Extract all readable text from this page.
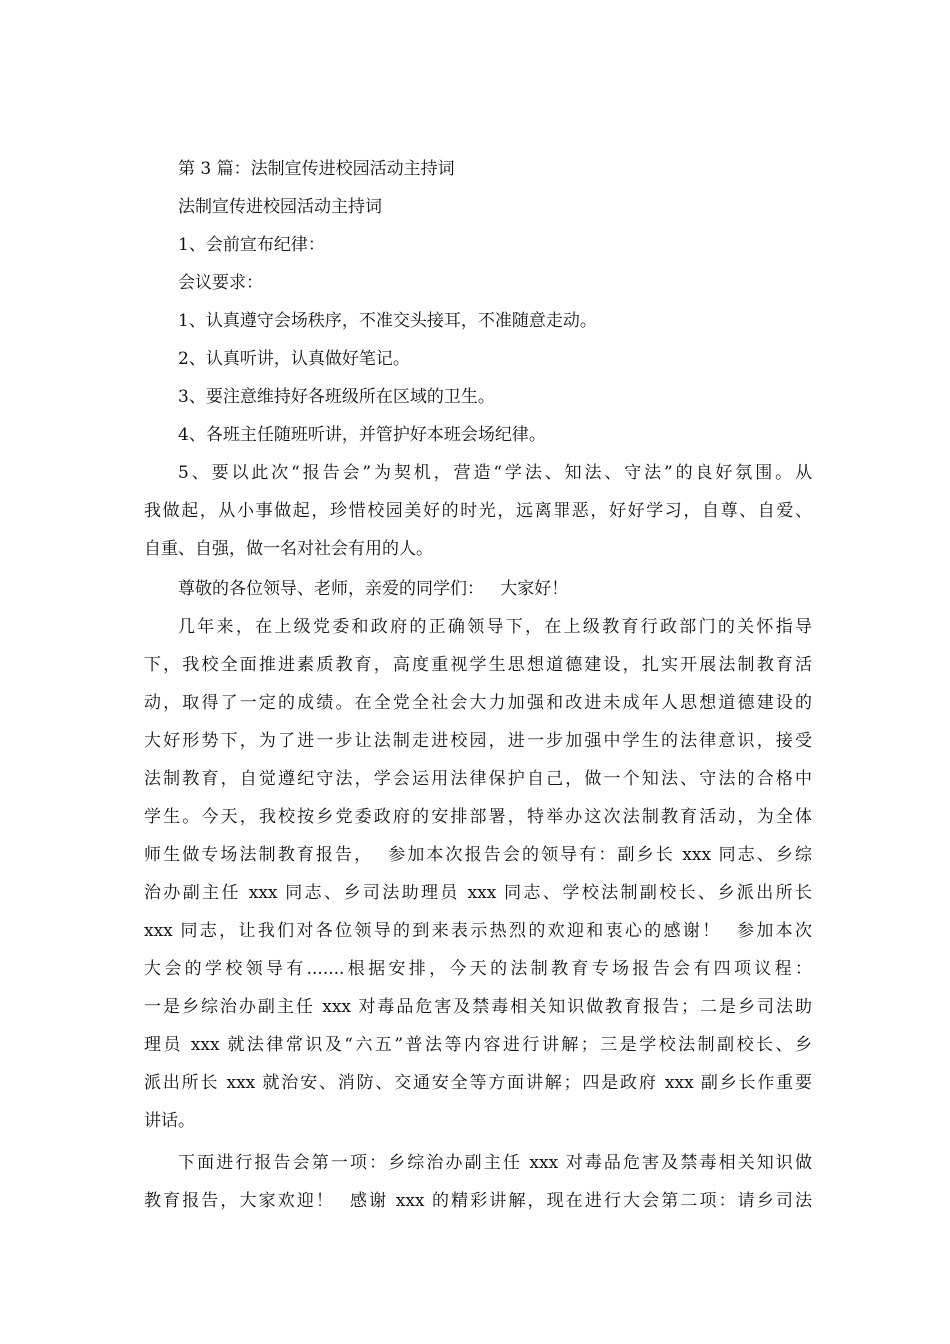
第 3 篇：法制宣传进校园活动主持词
法制宣传进校园活动主持词
1、会前宣布纪律：
会议要求：
1、认真遵守会场秩序，不准交头接耳，不准随意走动。
2、认真听讲，认真做好笔记。
3、要注意维持好各班级所在区域的卫生。
4、各班主任随班听讲，并管护好本班会场纪律。
5、要以此次“报告会”为契机，营造“学法、知法、守法”的良好氛围。从
我做起，从小事做起，珍惜校园美好的时光，远离罪恶，好好学习，自尊、自爱、
自重、自强，做一名对社会有用的人。
尊敬的各位领导、老师，亲爱的同学们：   大家好！
几年来，在上级党委和政府的正确领导下，在上级教育行政部门的关怀指导
下，我校全面推进素质教育，高度重视学生思想道德建设，扎实开展法制教育活
动，取得了一定的成绩。在全党全社会大力加强和改进未成年人思想道德建设的
大好形势下，为了进一步让法制走进校园，进一步加强中学生的法律意识，接受
法制教育，自觉遵纪守法，学会运用法律保护自己，做一个知法、守法的合格中
学生。今天，我校按乡党委政府的安排部署，特举办这次法制教育活动，为全体
师生做专场法制教育报告，  参加本次报告会的领导有：副乡长 xxx 同志、乡综
治办副主任 xxx 同志、乡司法助理员 xxx 同志、学校法制副校长、乡派出所长
xxx 同志，让我们对各位领导的到来表示热烈的欢迎和衷心的感谢！  参加本次
大会的学校领导有.......根据安排，今天的法制教育专场报告会有四项议程：
一是乡综治办副主任 xxx 对毒品危害及禁毒相关知识做教育报告；二是乡司法助
理员 xxx 就法律常识及“六五”普法等内容进行讲解；三是学校法制副校长、乡
派出所长 xxx 就治安、消防、交通安全等方面讲解；四是政府 xxx 副乡长作重要
讲话。
下面进行报告会第一项：乡综治办副主任 xxx 对毒品危害及禁毒相关知识做
教育报告，大家欢迎！  感谢 xxx 的精彩讲解，现在进行大会第二项：请乡司法
